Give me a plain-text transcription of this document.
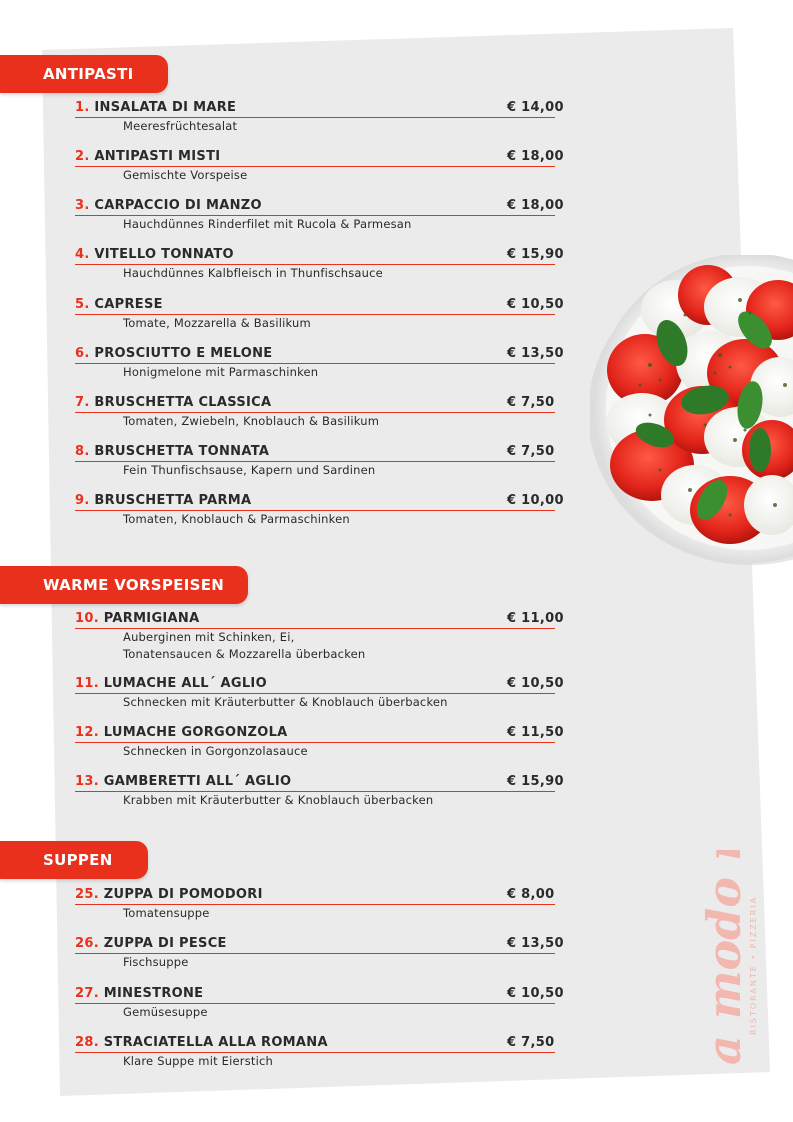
ANTIPASTI
WARME VORSPEISEN
SUPPEN
1. INSALATA DI MARE	€ 14,00
Meeresfrüchtesalat
2. ANTIPASTI MISTI	€ 18,00
Gemischte Vorspeise
3. CARPACCIO DI MANZO	€ 18,00
Hauchdünnes Rinderfilet mit Rucola & Parmesan
4. VITELLO TONNATO	€ 15,90
Hauchdünnes Kalbfleisch in Thunfischsauce
5. CAPRESE	€ 10,50
Tomate, Mozzarella & Basilikum
6. PROSCIUTTO E MELONE	€ 13,50
Honigmelone mit Parmaschinken
7. BRUSCHETTA CLASSICA	€ 7,50
Tomaten, Zwiebeln, Knoblauch & Basilikum
8. BRUSCHETTA TONNATA	€ 7,50
Fein Thunfischsause, Kapern und Sardinen
9. BRUSCHETTA PARMA	€ 10,00
Tomaten, Knoblauch & Parmaschinken
10. PARMIGIANA	€ 11,00
Auberginen mit Schinken, Ei,
Tonatensaucen & Mozzarella überbacken
11. LUMACHE ALL´ AGLIO	€ 10,50
Schnecken mit Kräuterbutter & Knoblauch überbacken
12. LUMACHE GORGONZOLA	€ 11,50
Schnecken in Gorgonzolasauce
13. GAMBERETTI ALL´ AGLIO	€ 15,90
Krabben mit Kräuterbutter & Knoblauch überbacken
25. ZUPPA DI POMODORI	€ 8,00
Tomatensuppe
26. ZUPPA DI PESCE	€ 13,50
Fischsuppe
27. MINESTRONE	€ 10,50
Gemüsesuppe
28. STRACIATELLA ALLA ROMANA	€ 7,50
Klare Suppe mit Eierstich	a modo mio
RISTORANTE • PIZZERIA
